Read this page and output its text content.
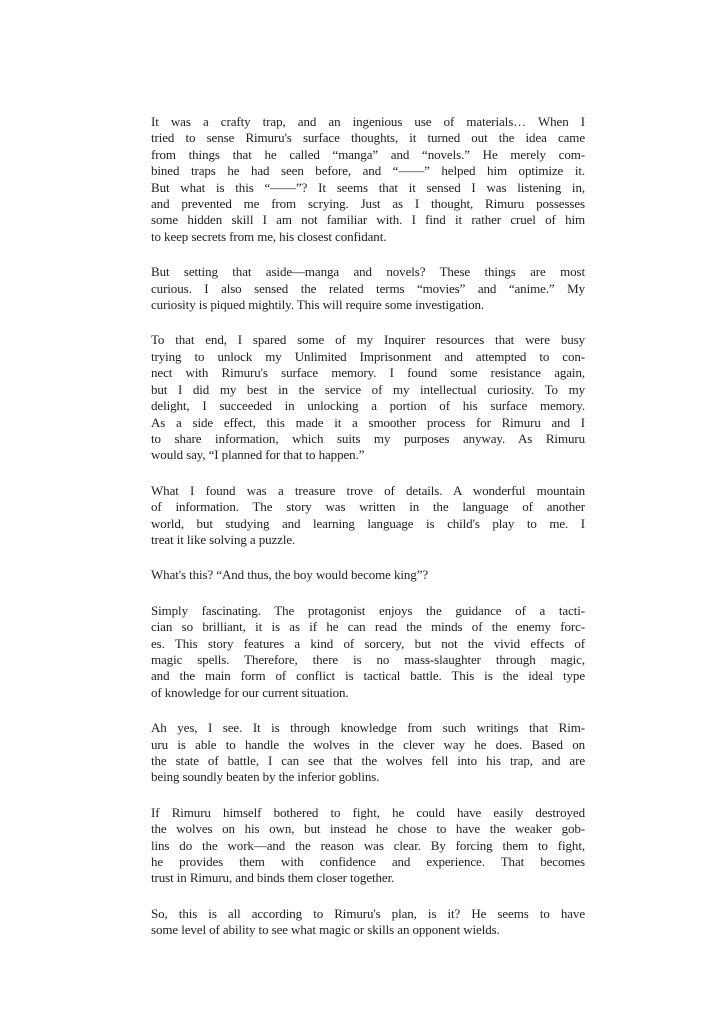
It was a crafty trap, and an ingenious use of materials… When I
tried to sense Rimuru's surface thoughts, it turned out the idea came
from things that he called “manga” and “novels.” He merely com-
bined traps he had seen before, and “——” helped him optimize it.
But what is this “——”? It seems that it sensed I was listening in,
and prevented me from scrying. Just as I thought, Rimuru possesses
some hidden skill I am not familiar with. I find it rather cruel of him
to keep secrets from me, his closest confidant.
But setting that aside—manga and novels? These things are most
curious. I also sensed the related terms “movies” and “anime.” My
curiosity is piqued mightily. This will require some investigation.
To that end, I spared some of my Inquirer resources that were busy
trying to unlock my Unlimited Imprisonment and attempted to con-
nect with Rimuru's surface memory. I found some resistance again,
but I did my best in the service of my intellectual curiosity. To my
delight, I succeeded in unlocking a portion of his surface memory.
As a side effect, this made it a smoother process for Rimuru and I
to share information, which suits my purposes anyway. As Rimuru
would say, “I planned for that to happen.”
What I found was a treasure trove of details. A wonderful mountain
of information. The story was written in the language of another
world, but studying and learning language is child's play to me. I
treat it like solving a puzzle.
What's this? “And thus, the boy would become king”?
Simply fascinating. The protagonist enjoys the guidance of a tacti-
cian so brilliant, it is as if he can read the minds of the enemy forc-
es. This story features a kind of sorcery, but not the vivid effects of
magic spells. Therefore, there is no mass-slaughter through magic,
and the main form of conflict is tactical battle. This is the ideal type
of knowledge for our current situation.
Ah yes, I see. It is through knowledge from such writings that Rim-
uru is able to handle the wolves in the clever way he does. Based on
the state of battle, I can see that the wolves fell into his trap, and are
being soundly beaten by the inferior goblins.
If Rimuru himself bothered to fight, he could have easily destroyed
the wolves on his own, but instead he chose to have the weaker gob-
lins do the work—and the reason was clear. By forcing them to fight,
he provides them with confidence and experience. That becomes
trust in Rimuru, and binds them closer together.
So, this is all according to Rimuru's plan, is it? He seems to have
some level of ability to see what magic or skills an opponent wields.
